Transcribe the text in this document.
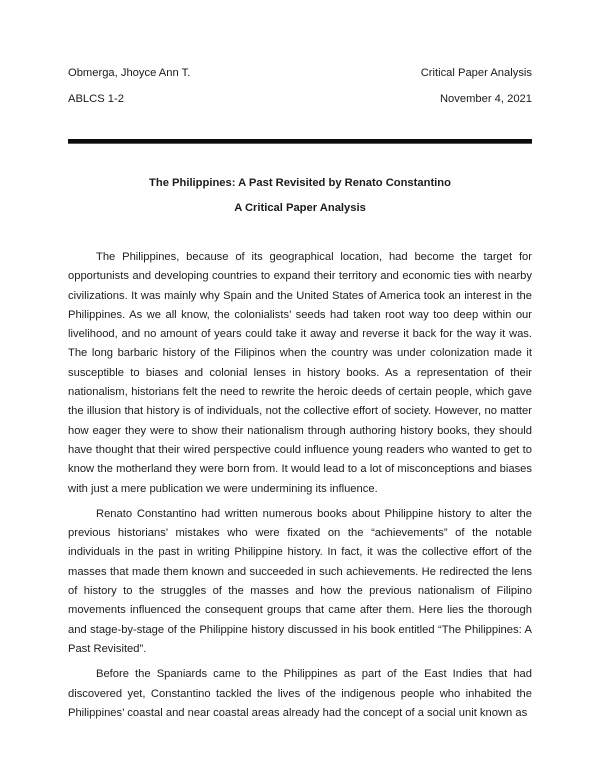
Obmerga, Jhoyce Ann T.	Critical Paper Analysis
ABLCS 1-2	November 4, 2021
The Philippines: A Past Revisited by Renato Constantino
A Critical Paper Analysis

The Philippines, because of its geographical location, had become the target for opportunists and developing countries to expand their territory and economic ties with nearby civilizations. It was mainly why Spain and the United States of America took an interest in the Philippines. As we all know, the colonialists’ seeds had taken root way too deep within our livelihood, and no amount of years could take it away and reverse it back for the way it was. The long barbaric history of the Filipinos when the country was under colonization made it susceptible to biases and colonial lenses in history books. As a representation of their nationalism, historians felt the need to rewrite the heroic deeds of certain people, which gave the illusion that history is of individuals, not the collective effort of society. However, no matter how eager they were to show their nationalism through authoring history books, they should have thought that their wired perspective could influence young readers who wanted to get to know the motherland they were born from. It would lead to a lot of misconceptions and biases with just a mere publication we were undermining its influence.

Renato Constantino had written numerous books about Philippine history to alter the previous historians’ mistakes who were fixated on the “achievements” of the notable individuals in the past in writing Philippine history. In fact, it was the collective effort of the masses that made them known and succeeded in such achievements. He redirected the lens of history to the struggles of the masses and how the previous nationalism of Filipino movements influenced the consequent groups that came after them. Here lies the thorough and stage-by-stage of the Philippine history discussed in his book entitled “The Philippines: A Past Revisited”.

Before the Spaniards came to the Philippines as part of the East Indies that had discovered yet, Constantino tackled the lives of the indigenous people who inhabited the Philippines’ coastal and near coastal areas already had the concept of a social unit known as
